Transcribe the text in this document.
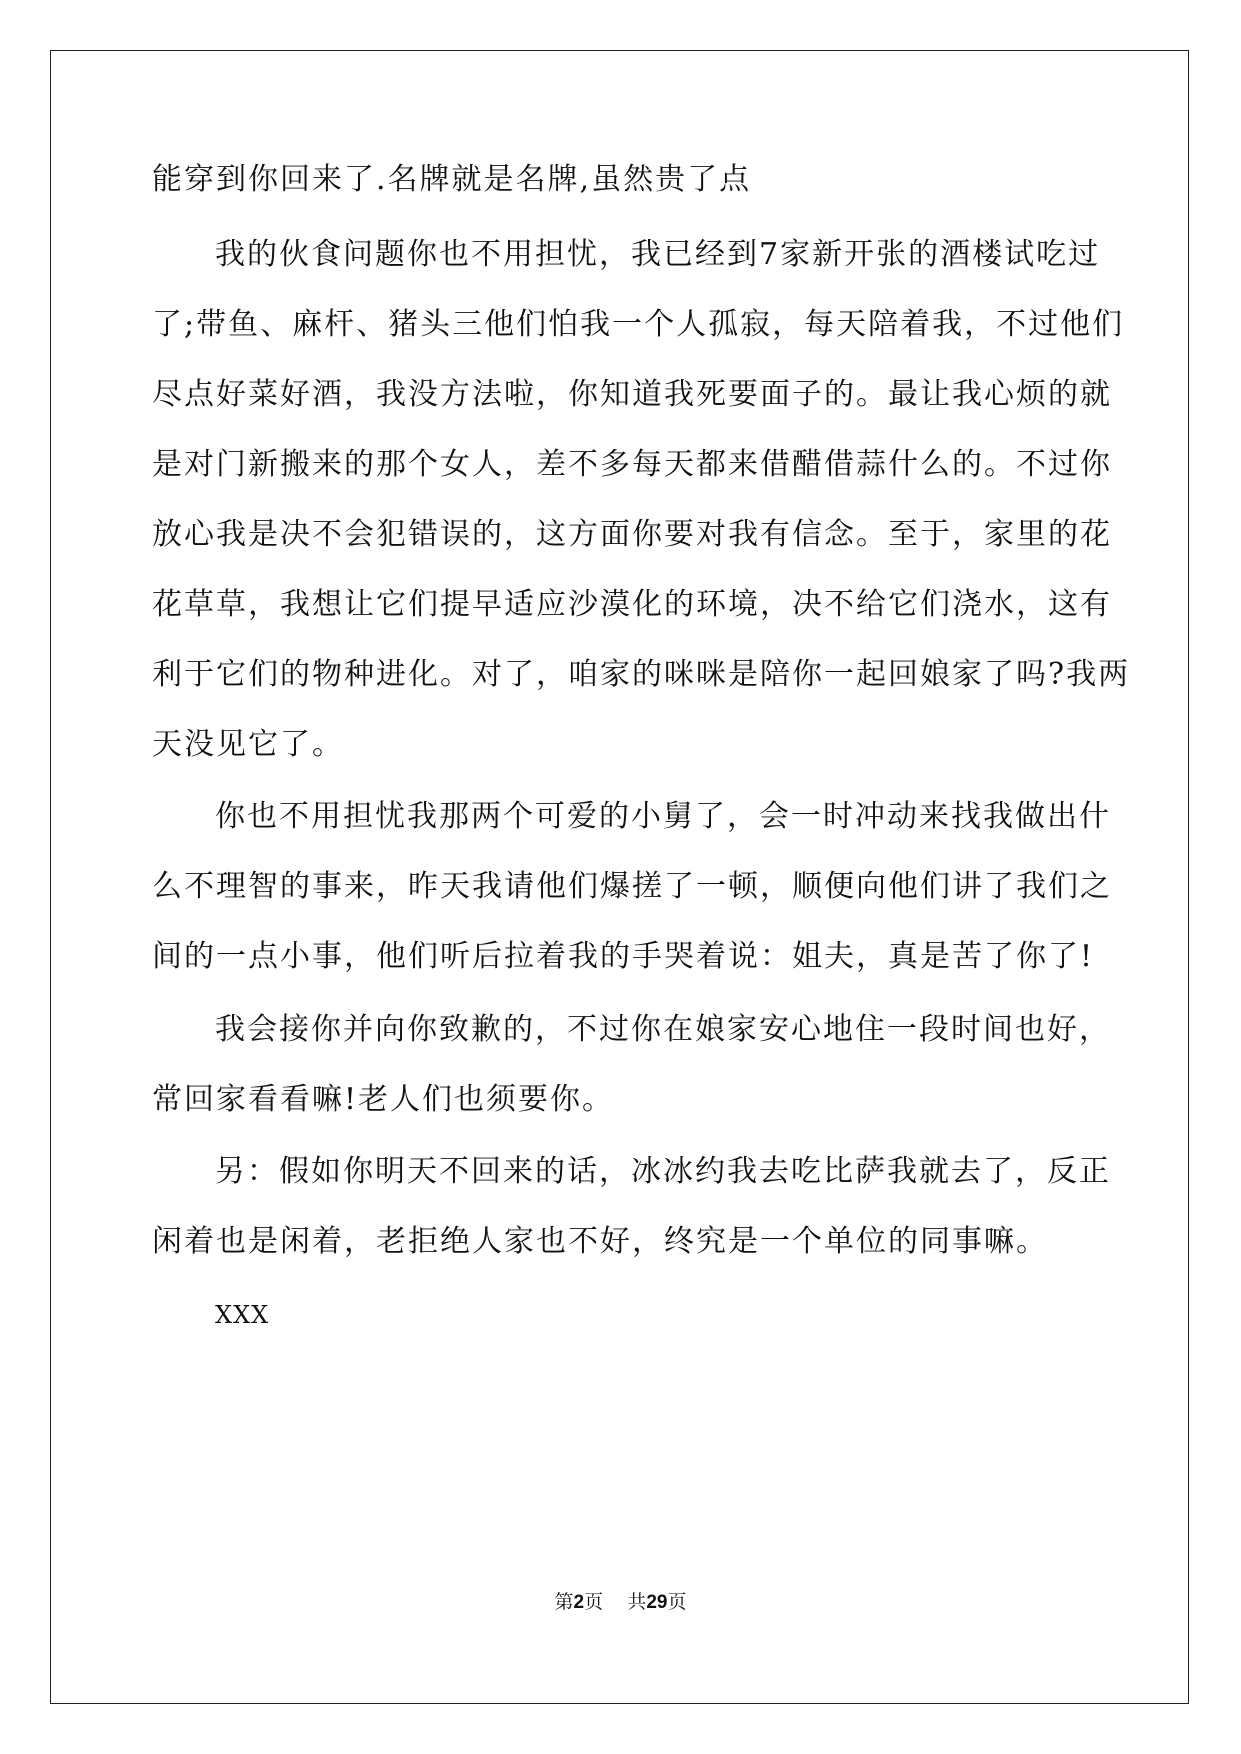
能穿到你回来了.名牌就是名牌,虽然贵了点
我的伙食问题你也不用担忧，我已经到7家新开张的酒楼试吃过
了;带鱼、麻杆、猪头三他们怕我一个人孤寂，每天陪着我，不过他们
尽点好菜好酒，我没方法啦，你知道我死要面子的。最让我心烦的就
是对门新搬来的那个女人，差不多每天都来借醋借蒜什么的。不过你
放心我是决不会犯错误的，这方面你要对我有信念。至于，家里的花
花草草，我想让它们提早适应沙漠化的环境，决不给它们浇水，这有
利于它们的物种进化。对了，咱家的咪咪是陪你一起回娘家了吗?我两
天没见它了。
你也不用担忧我那两个可爱的小舅了，会一时冲动来找我做出什
么不理智的事来，昨天我请他们爆搓了一顿，顺便向他们讲了我们之
间的一点小事，他们听后拉着我的手哭着说：姐夫，真是苦了你了!
我会接你并向你致歉的，不过你在娘家安心地住一段时间也好，
常回家看看嘛!老人们也须要你。
另：假如你明天不回来的话，冰冰约我去吃比萨我就去了，反正
闲着也是闲着，老拒绝人家也不好，终究是一个单位的同事嘛。
XXX
第2页 共29页
